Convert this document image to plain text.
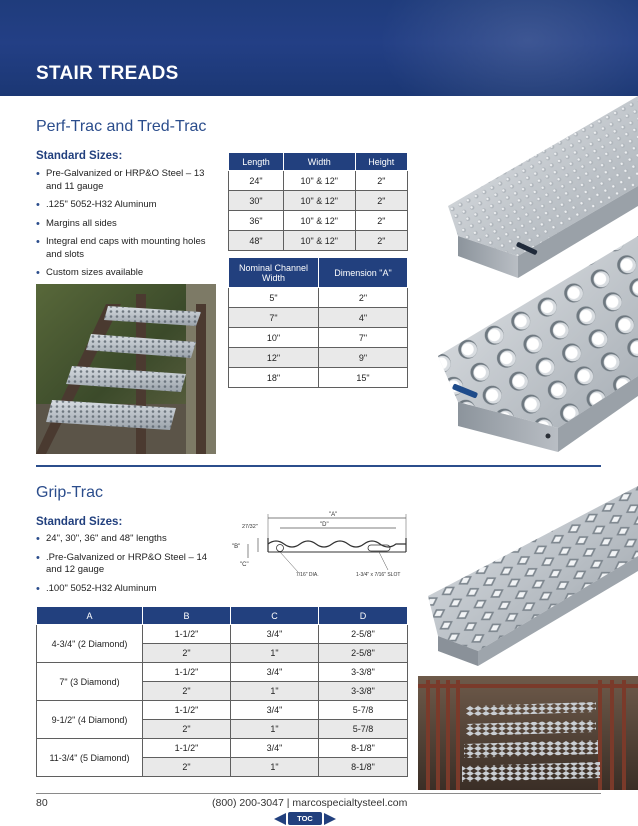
STAIR TREADS
Perf-Trac and Tred-Trac
Standard Sizes:
• Pre-Galvanized or HRP&O Steel – 13 and 11 gauge
• .125" 5052-H32 Aluminum
• Margins all sides
• Integral end caps with mounting holes and slots
• Custom sizes available
Length	Width	Height
24"	10" & 12"	2"
30"	10" & 12"	2"
36"	10" & 12"	2"
48"	10" & 12"	2"
Nominal Channel Width	Dimension "A"
5"	2"
7"	4"
10"	7"
12"	9"
18"	15"
Grip-Trac
Standard Sizes:
• 24", 30", 36" and 48" lengths
• .Pre-Galvanized or HRP&O Steel – 14 and 12 gauge
• .100" 5052-H32 Aluminum
"A"
"D"
27/32"
"B"
"C"
7/16" DIA.	1-3/4" x 7/16" SLOT
A	B	C	D
4-3/4" (2 Diamond)	1-1/2"	3/4"	2-5/8"
	2"	1"	2-5/8"
7" (3 Diamond)	1-1/2"	3/4"	3-3/8"
	2"	1"	3-3/8"
9-1/2" (4 Diamond)	1-1/2"	3/4"	5-7/8
	2"	1"	5-7/8
11-3/4" (5 Diamond)	1-1/2"	3/4"	8-1/8"
	2"	1"	8-1/8"
80	(800) 200-3047 | marcospecialtysteel.com
TOC
